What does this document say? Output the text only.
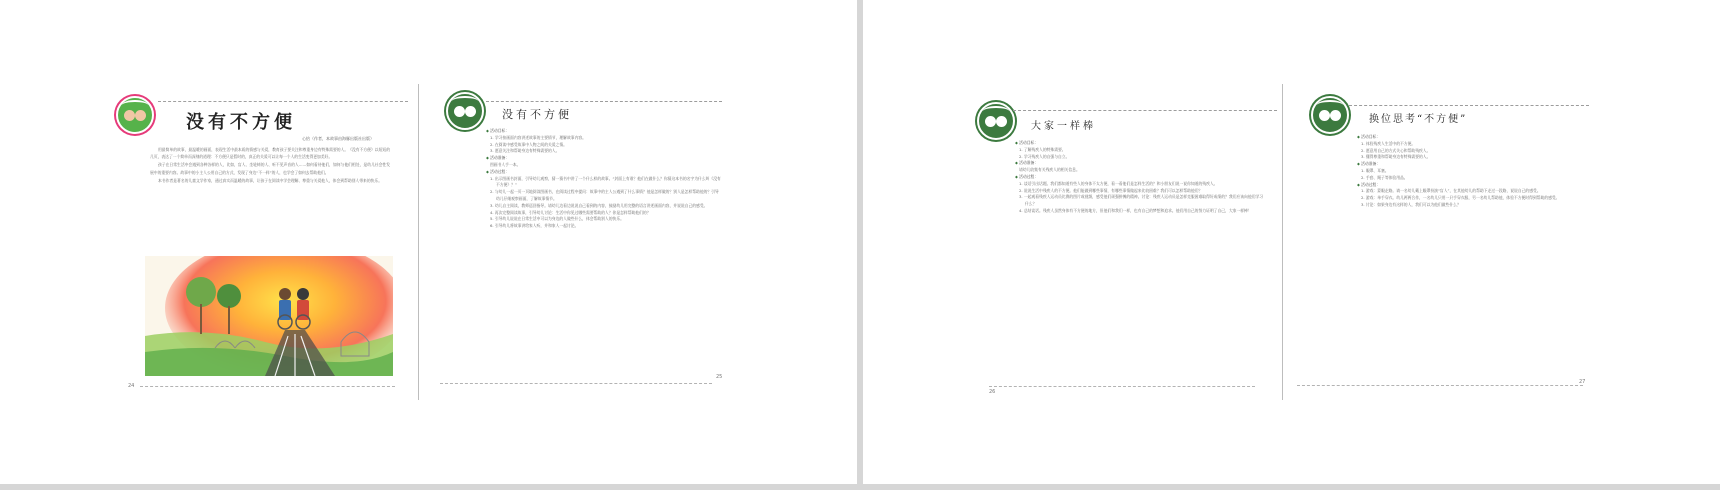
没有不方便
心怡（作者，本故事由海豚出版社出版）

用最简单的故事，最温暖的画面，表现生活中最本质的情感与关爱，教育孩子要关注和尊重身边有特殊需要的人。《没有不方便》以短短的几页，表达了一个简单而深刻的道理：不方便只是暂时的，真正的关爱可以让每一个人的生活变得更加美好。

孩子在日常生活中会遇到各种各样的人，比如，盲人、坐轮椅的人、听不见声音的人……如何看待他们，如何与他们相处，是幼儿社会性发展中的重要内容。故事中的小主人公用自己的方式，发现了身边“不一样”的人，也学会了如何去帮助他们。

本书作者是著名的儿童文学作家，通过真实而温暖的故事，让孩子在阅读中学会理解、尊重与关爱他人，体会到帮助别人带来的快乐。

24
没有不方便
◆ 活动目标：
1. 学习按画面内容讲述故事的主要情节，理解故事内容。
2. 在阅读中感受故事中人物之间的关爱之情。
3. 愿意关注和帮助身边有特殊需要的人。
◆ 活动准备：
图画书人手一本。
◆ 活动过程：
1. 出示图画书封面，引导幼儿观察，猜一猜书中讲了一个什么样的故事。“封面上有谁？他们在做什么？你猜这本书的名字为什么叫《没有不方便》？”
2. 与幼儿一起一页一页地阅读图画书，在阅读过程中提问：故事中的主人公遇到了什么事情？他是怎样做的？别人是怎样帮助他的？引导幼儿仔细观察画面，了解故事情节。
3. 幼儿自主阅读，教师巡回指导。请幼儿边看边说说自己看到的内容，鼓励幼儿用完整的语言讲述画面内容，并说说自己的感受。
4. 再次完整阅读故事，引导幼儿讨论：生活中你见过哪些需要帮助的人？你是怎样帮助他们的？
5. 引导幼儿说说在日常生活中可以为身边的人做些什么，体会帮助别人的快乐。
6. 引导幼儿将故事讲给家人听，并和家人一起讨论。
25
大家一样棒
◆ 活动目标：
1. 了解残疾人的特殊需要。
2. 学习残疾人的自强与自立。
◆ 活动准备：
请幼儿收集有关残疾人的相关信息。
◆ 活动过程：
1. 谈话引出话题。我们都知道有些人的身体不太方便，看一看他们是怎样生活的？和小朋友们说一说你知道的残疾人。
2. 说说生活中残疾人的不方便。他们能做到哪些事情，有哪些事情做起来比较困难？我们可以怎样帮助他们？
3. 一起观看残疾人运动员比赛的图片或视频，感受他们顽强拼搏的精神。讨论：残疾人运动员是怎样克服困难取得好成绩的？我们应该向他们学习什么？
4. 总结谈话。残疾人虽然身体有不方便的地方，但他们和我们一样，也有自己的梦想和追求。他们用自己的努力证明了自己，大家一样棒！
26
换位思考“不方便”
◆ 活动目标：
1. 体验残疾人生活中的不方便。
2. 愿意用自己的方式关心和帮助残疾人。
3. 懂得尊重和帮助身边有特殊需要的人。
◆ 活动准备：
1. 眼罩、耳塞。
2. 手套、绳子等体验用品。
◆ 活动过程：
1. 游戏：蒙眼走路。请一名幼儿戴上眼罩扮演“盲人”，在其他幼儿的帮助下走过一段路，说说自己的感受。
2. 游戏：单手穿衣。幼儿两两合作，一名幼儿只用一只手穿衣服，另一名幼儿帮助他，体验不方便时得到帮助的感受。
3. 讨论：如果身边有这样的人，我们可以为他们做些什么？
27
